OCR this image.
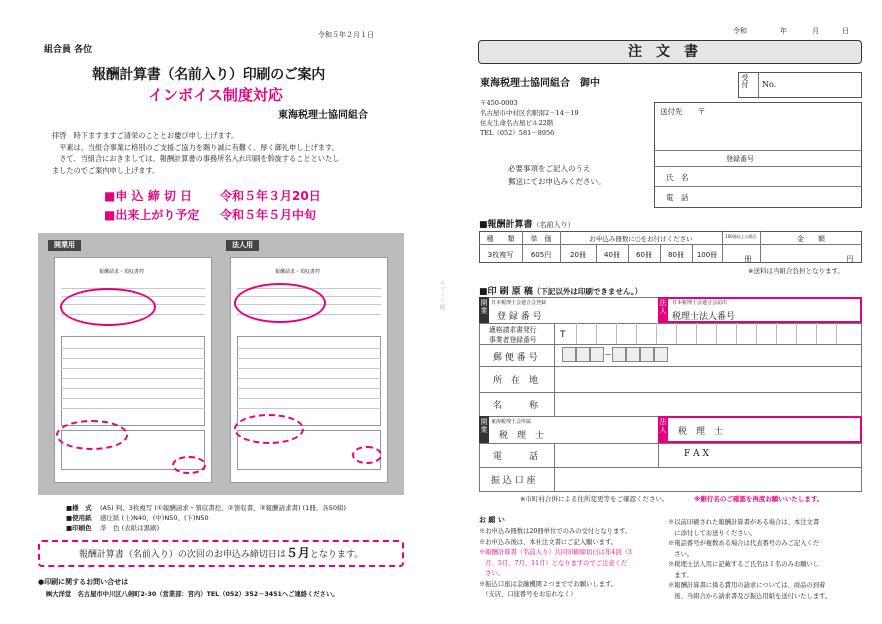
令和５年２月１日
組合員 各位
報酬計算書（名前入り）印刷のご案内
インボイス制度対応
東海税理士協同組合
拝啓　時下ますますご清栄のこととお慶び申し上げます。
　平素は、当組合事業に格別のご支援ご協力を賜り誠に有難く、厚く御礼申し上げます。
　さて、当組合におきましては、報酬計算書の事務所名入れ印刷を斡旋することといたし
ましたのでご案内申し上げます。
■申 込 締 切 日 令和５年３月20日
■出来上がり予定 令和５年５月中旬
開業用	法人用
報酬請求・領収書控	報酬請求・領収書控
■様　式 (A5) 判、3枚複写 (①報酬請求・領収書控、②領収書、③報酬請求書) (1冊、各50組)
■使用紙 感圧紙 (上)N40、(中)N50、(下)N50
■印刷色 茶　色 (表紙は黒刷)
報酬計算書（名前入り）の次回のお申込み締切日は５月となります。
●印刷に関するお問い合せは
㈱大洋堂　名古屋市中川区八剣町2-30（営業部：宮内）TEL（052）352－3451へご連絡ください。
キリトリ線
令和	年	月	日
注文書
東海税理士協同組合　御中	受付 No.
〒450-0003
名古屋市中村区名駅南2－14－19
住友生命名古屋ビル22階
TEL（052）581－8956
必要事項をご記入のうえ
郵送にてお申込みください。
送付先 〒
登録番号
氏　名
電　話
■報酬計算書（名前入り）
種　　類	単　価	お申込み冊数に○をお付けください	100冊以上の場合	金　　額
3枚複写	605円	20冊	40冊	60冊	80冊	100冊	冊	円
※送料は当組合負担となります。
■印 刷 原 稿（下記以外は印刷できません。）
開業
日本税理士会連合会登録
登 録 番 号
法人
日本税理士会連合会届出
税理士法人番号
適格請求書発行
事業者登録番号	T
郵 便 番 号
所　在　地
名　　　称
開業
東海税理士会所属
税　理　士
法人 税　理　士
電　　　話	F A X
振 込 口 座
※市町村合併による住所変更等をご確認ください。	※銀行名のご確認を再度お願いいたします。
お 願 い
※お申込み冊数は20冊単位でのみの受付となります。
※お申込み後は、本社注文書にご記入願います。
※報酬計算書（名前入り）共同印刷締切日は年4回（3
　月、5月、7月、11月）となりますのでご注意くだ
　さい。
※振込口座は金融機関２つまででお願いします。
　（支店、口座番号をお忘れなく）
※以前印刷された報酬計算書がある場合は、本注文書
　に添付してお送りください。
※電話番号が複数ある場合は代表番号のみご記入くだ
　さい。
※税理士法人用に記載するご氏名は１名のみお願いし
　ます。
※報酬計算書に係る費用の請求については、商品の到着
　後、当組合から請求書及び振込用紙を送付いたします。
